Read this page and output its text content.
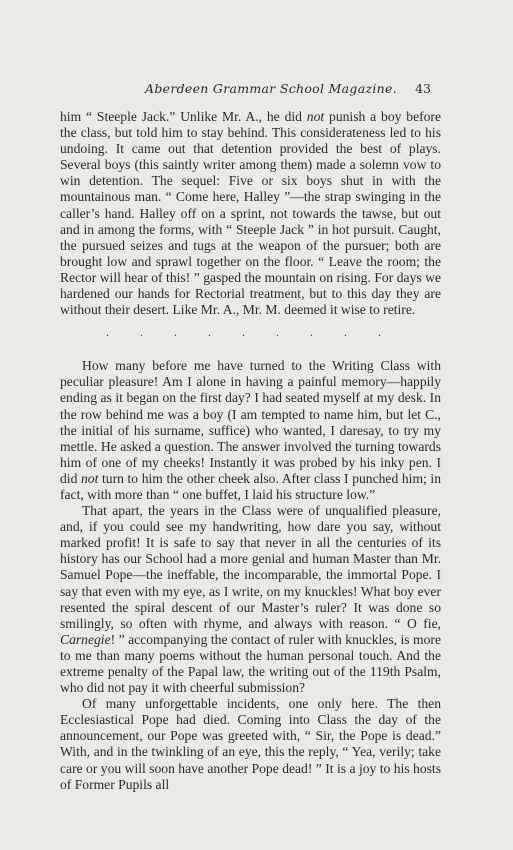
Aberdeen Grammar School Magazine. 43

him “ Steeple Jack.” Unlike Mr. A., he did not punish a boy before the class, but told him to stay behind. This considerateness led to his undoing. It came out that detention provided the best of plays. Several boys (this saintly writer among them) made a solemn vow to win detention. The sequel: Five or six boys shut in with the mountainous man. “ Come here, Halley ”—the strap swinging in the caller’s hand. Halley off on a sprint, not towards the tawse, but out and in among the forms, with “ Steeple Jack ” in hot pursuit. Caught, the pursued seizes and tugs at the weapon of the pursuer; both are brought low and sprawl together on the floor. “ Leave the room; the Rector will hear of this! ” gasped the mountain on rising. For days we hardened our hands for Rectorial treatment, but to this day they are without their desert. Like Mr. A., Mr. M. deemed it wise to retire.

. . . . . . . . .

How many before me have turned to the Writing Class with peculiar pleasure! Am I alone in having a painful memory—happily ending as it began on the first day? I had seated myself at my desk. In the row behind me was a boy (I am tempted to name him, but let C., the initial of his surname, suffice) who wanted, I daresay, to try my mettle. He asked a question. The answer involved the turning towards him of one of my cheeks! Instantly it was probed by his inky pen. I did not turn to him the other cheek also. After class I punched him; in fact, with more than “ one buffet, I laid his structure low.”

That apart, the years in the Class were of unqualified pleasure, and, if you could see my handwriting, how dare you say, without marked profit! It is safe to say that never in all the centuries of its history has our School had a more genial and human Master than Mr. Samuel Pope—the ineffable, the incomparable, the immortal Pope. I say that even with my eye, as I write, on my knuckles! What boy ever resented the spiral descent of our Master’s ruler? It was done so smilingly, so often with rhyme, and always with reason. “ O fie, Carnegie! ” accompanying the contact of ruler with knuckles, is more to me than many poems without the human personal touch. And the extreme penalty of the Papal law, the writing out of the 119th Psalm, who did not pay it with cheerful submission?

Of many unforgettable incidents, one only here. The then Ecclesiastical Pope had died. Coming into Class the day of the announcement, our Pope was greeted with, “ Sir, the Pope is dead.” With, and in the twinkling of an eye, this the reply, “ Yea, verily; take care or you will soon have another Pope dead! ” It is a joy to his hosts of Former Pupils all
